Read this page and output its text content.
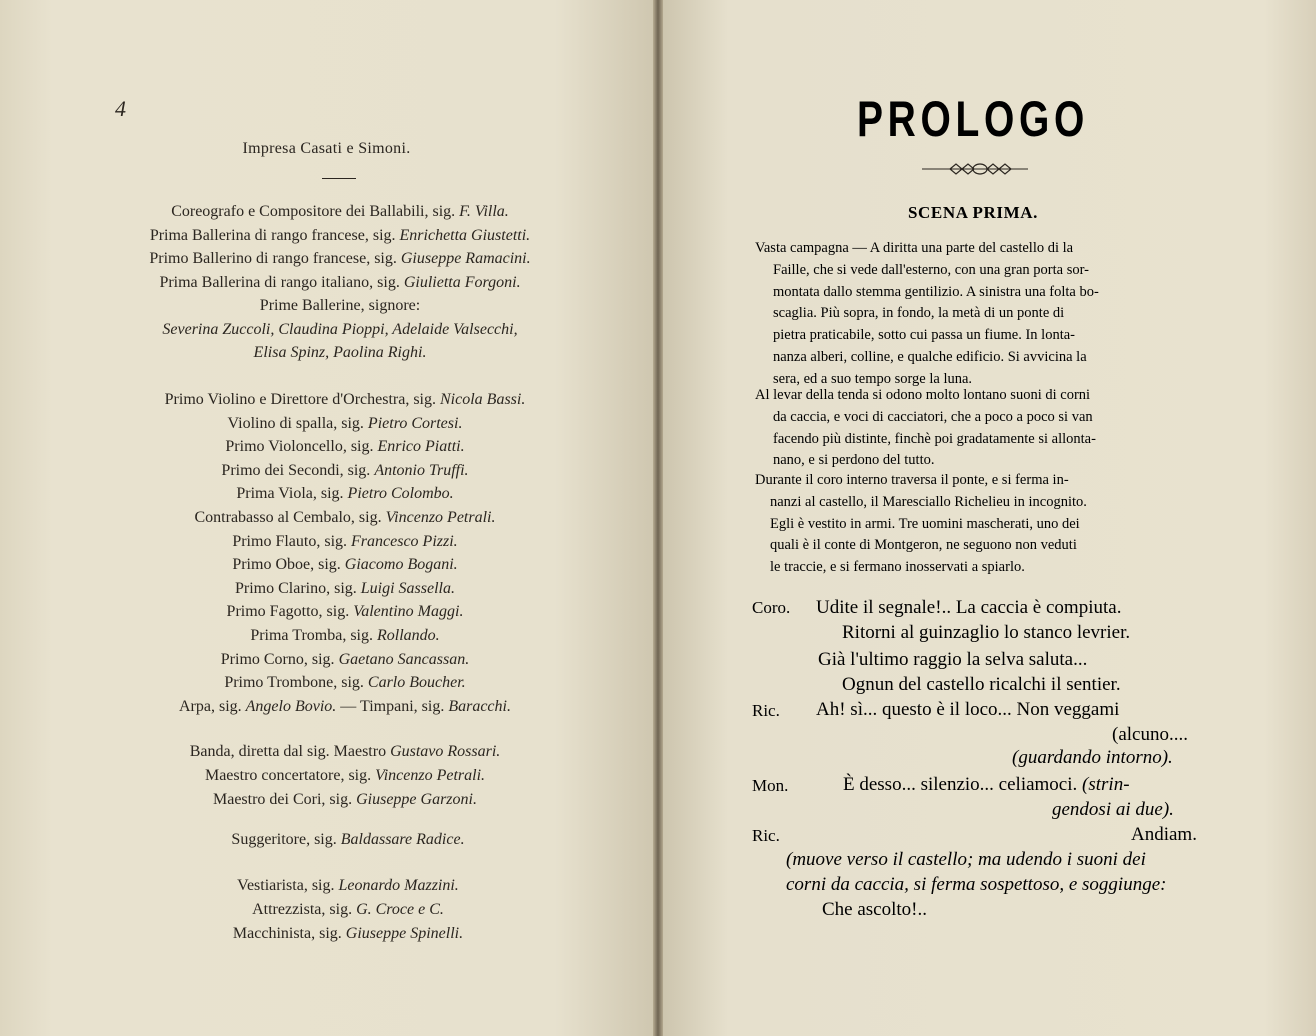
4
Impresa Casati e Simoni.
Coreografo e Compositore dei Ballabili, sig. F. Villa.
Prima Ballerina di rango francese, sig. Enrichetta Giustetti.
Primo Ballerino di rango francese, sig. Giuseppe Ramacini.
Prima Ballerina di rango italiano, sig. Giulietta Forgoni.
Prime Ballerine, signore:
Severina Zuccoli, Claudina Pioppi, Adelaide Valsecchi,
Elisa Spinz, Paolina Righi.
Primo Violino e Direttore d'Orchestra, sig. Nicola Bassi.
Violino di spalla, sig. Pietro Cortesi.
Primo Violoncello, sig. Enrico Piatti.
Primo dei Secondi, sig. Antonio Truffi.
Prima Viola, sig. Pietro Colombo.
Contrabasso al Cembalo, sig. Vincenzo Petrali.
Primo Flauto, sig. Francesco Pizzi.
Primo Oboe, sig. Giacomo Bogani.
Primo Clarino, sig. Luigi Sassella.
Primo Fagotto, sig. Valentino Maggi.
Prima Tromba, sig. Rollando.
Primo Corno, sig. Gaetano Sancassan.
Primo Trombone, sig. Carlo Boucher.
Arpa, sig. Angelo Bovio. — Timpani, sig. Baracchi.
Banda, diretta dal sig. Maestro Gustavo Rossari.
Maestro concertatore, sig. Vincenzo Petrali.
Maestro dei Cori, sig. Giuseppe Garzoni.
Suggeritore, sig. Baldassare Radice.
Vestiarista, sig. Leonardo Mazzini.
Attrezzista, sig. G. Croce e C.
Macchinista, sig. Giuseppe Spinelli.
PROLOGO
SCENA PRIMA.
Vasta campagna — A diritta una parte del castello di la
Faille, che si vede dall'esterno, con una gran porta sor-
montata dallo stemma gentilizio. A sinistra una folta bo-
scaglia. Più sopra, in fondo, la metà di un ponte di
pietra praticabile, sotto cui passa un fiume. In lonta-
nanza alberi, colline, e qualche edificio. Si avvicina la
sera, ed a suo tempo sorge la luna.
Al levar della tenda si odono molto lontano suoni di corni
da caccia, e voci di cacciatori, che a poco a poco si van
facendo più distinte, finchè poi gradatamente si allonta-
nano, e si perdono del tutto.
Durante il coro interno traversa il ponte, e si ferma in-
nanzi al castello, il Maresciallo Richelieu in incognito.
Egli è vestito in armi. Tre uomini mascherati, uno dei
quali è il conte di Montgeron, ne seguono non veduti
le traccie, e si fermano inosservati a spiarlo.
Coro. Udite il segnale!.. La caccia è compiuta.
Ritorni al guinzaglio lo stanco levrier.
Già l'ultimo raggio la selva saluta...
Ognun del castello ricalchi il sentier.
Ric. Ah! sì... questo è il loco... Non veggami
(alcuno....
(guardando intorno).
Mon.	È desso... silenzio... celiamoci. (strin-
gendosi ai due).
Ric.	Andiam.
(muove verso il castello; ma udendo i suoni dei
corni da caccia, si ferma sospettoso, e soggiunge:
Che ascolto!..
